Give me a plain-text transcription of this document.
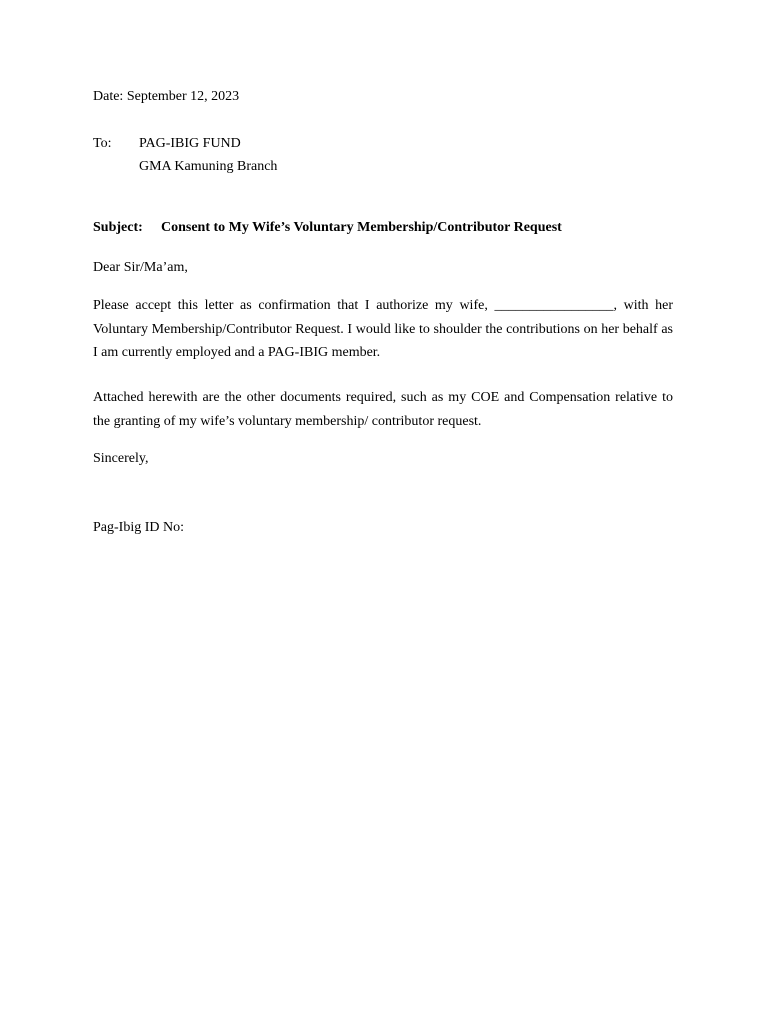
Date: September 12, 2023
To: PAG-IBIG FUND
GMA Kamuning Branch
Subject: Consent to My Wife’s Voluntary Membership/Contributor Request
Dear Sir/Ma’am,
Please accept this letter as confirmation that I authorize my wife, _________________, with her Voluntary Membership/Contributor Request. I would like to shoulder the contributions on her behalf as I am currently employed and a PAG-IBIG member.
Attached herewith are the other documents required, such as my COE and Compensation relative to the granting of my wife’s voluntary membership/ contributor request.
Sincerely,
Pag-Ibig ID No:
